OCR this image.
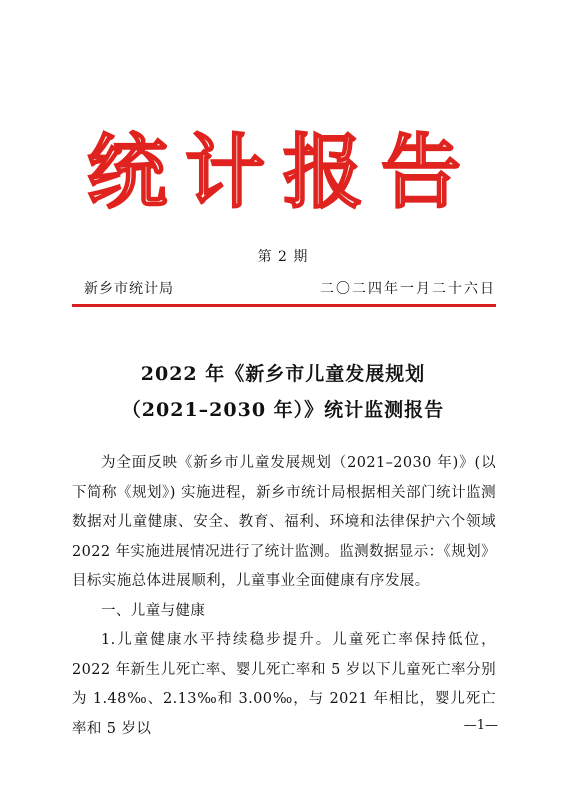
统计报告
第 2 期
新乡市统计局	二〇二四年一月二十六日
2022 年《新乡市儿童发展规划
（2021–2030 年）》统计监测报告

为全面反映《新乡市儿童发展规划（2021–2030 年)》(以下简称《规划》) 实施进程，新乡市统计局根据相关部门统计监测数据对儿童健康、安全、教育、福利、环境和法律保护六个领域 2022 年实施进展情况进行了统计监测。监测数据显示：《规划》目标实施总体进展顺利，儿童事业全面健康有序发展。

一、儿童与健康

1.儿童健康水平持续稳步提升。儿童死亡率保持低位，2022 年新生儿死亡率、婴儿死亡率和 5 岁以下儿童死亡率分别为 1.48‰、2.13‰和 3.00‰，与 2021 年相比，婴儿死亡率和 5 岁以	—1—
